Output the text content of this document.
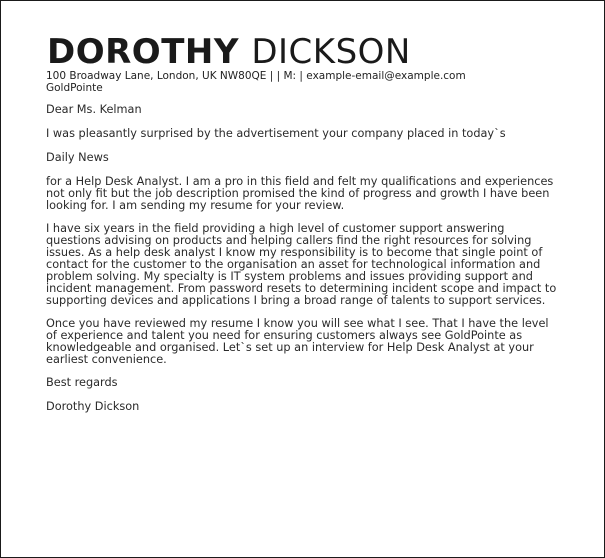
DOROTHY DICKSON
100 Broadway Lane, London, UK NW80QE | | M: | example-email@example.com
GoldPointe

Dear Ms. Kelman

I was pleasantly surprised by the advertisement your company placed in today`s

Daily News

for a Help Desk Analyst. I am a pro in this field and felt my qualifications and experiences not only fit but the job description promised the kind of progress and growth I have been looking for. I am sending my resume for your review.

I have six years in the field providing a high level of customer support answering questions advising on products and helping callers find the right resources for solving issues. As a help desk analyst I know my responsibility is to become that single point of contact for the customer to the organisation an asset for technological information and problem solving. My specialty is IT system problems and issues providing support and incident management. From password resets to determining incident scope and impact to supporting devices and applications I bring a broad range of talents to support services.

Once you have reviewed my resume I know you will see what I see. That I have the level of experience and talent you need for ensuring customers always see GoldPointe as knowledgeable and organised. Let`s set up an interview for Help Desk Analyst at your earliest convenience.

Best regards

Dorothy Dickson
